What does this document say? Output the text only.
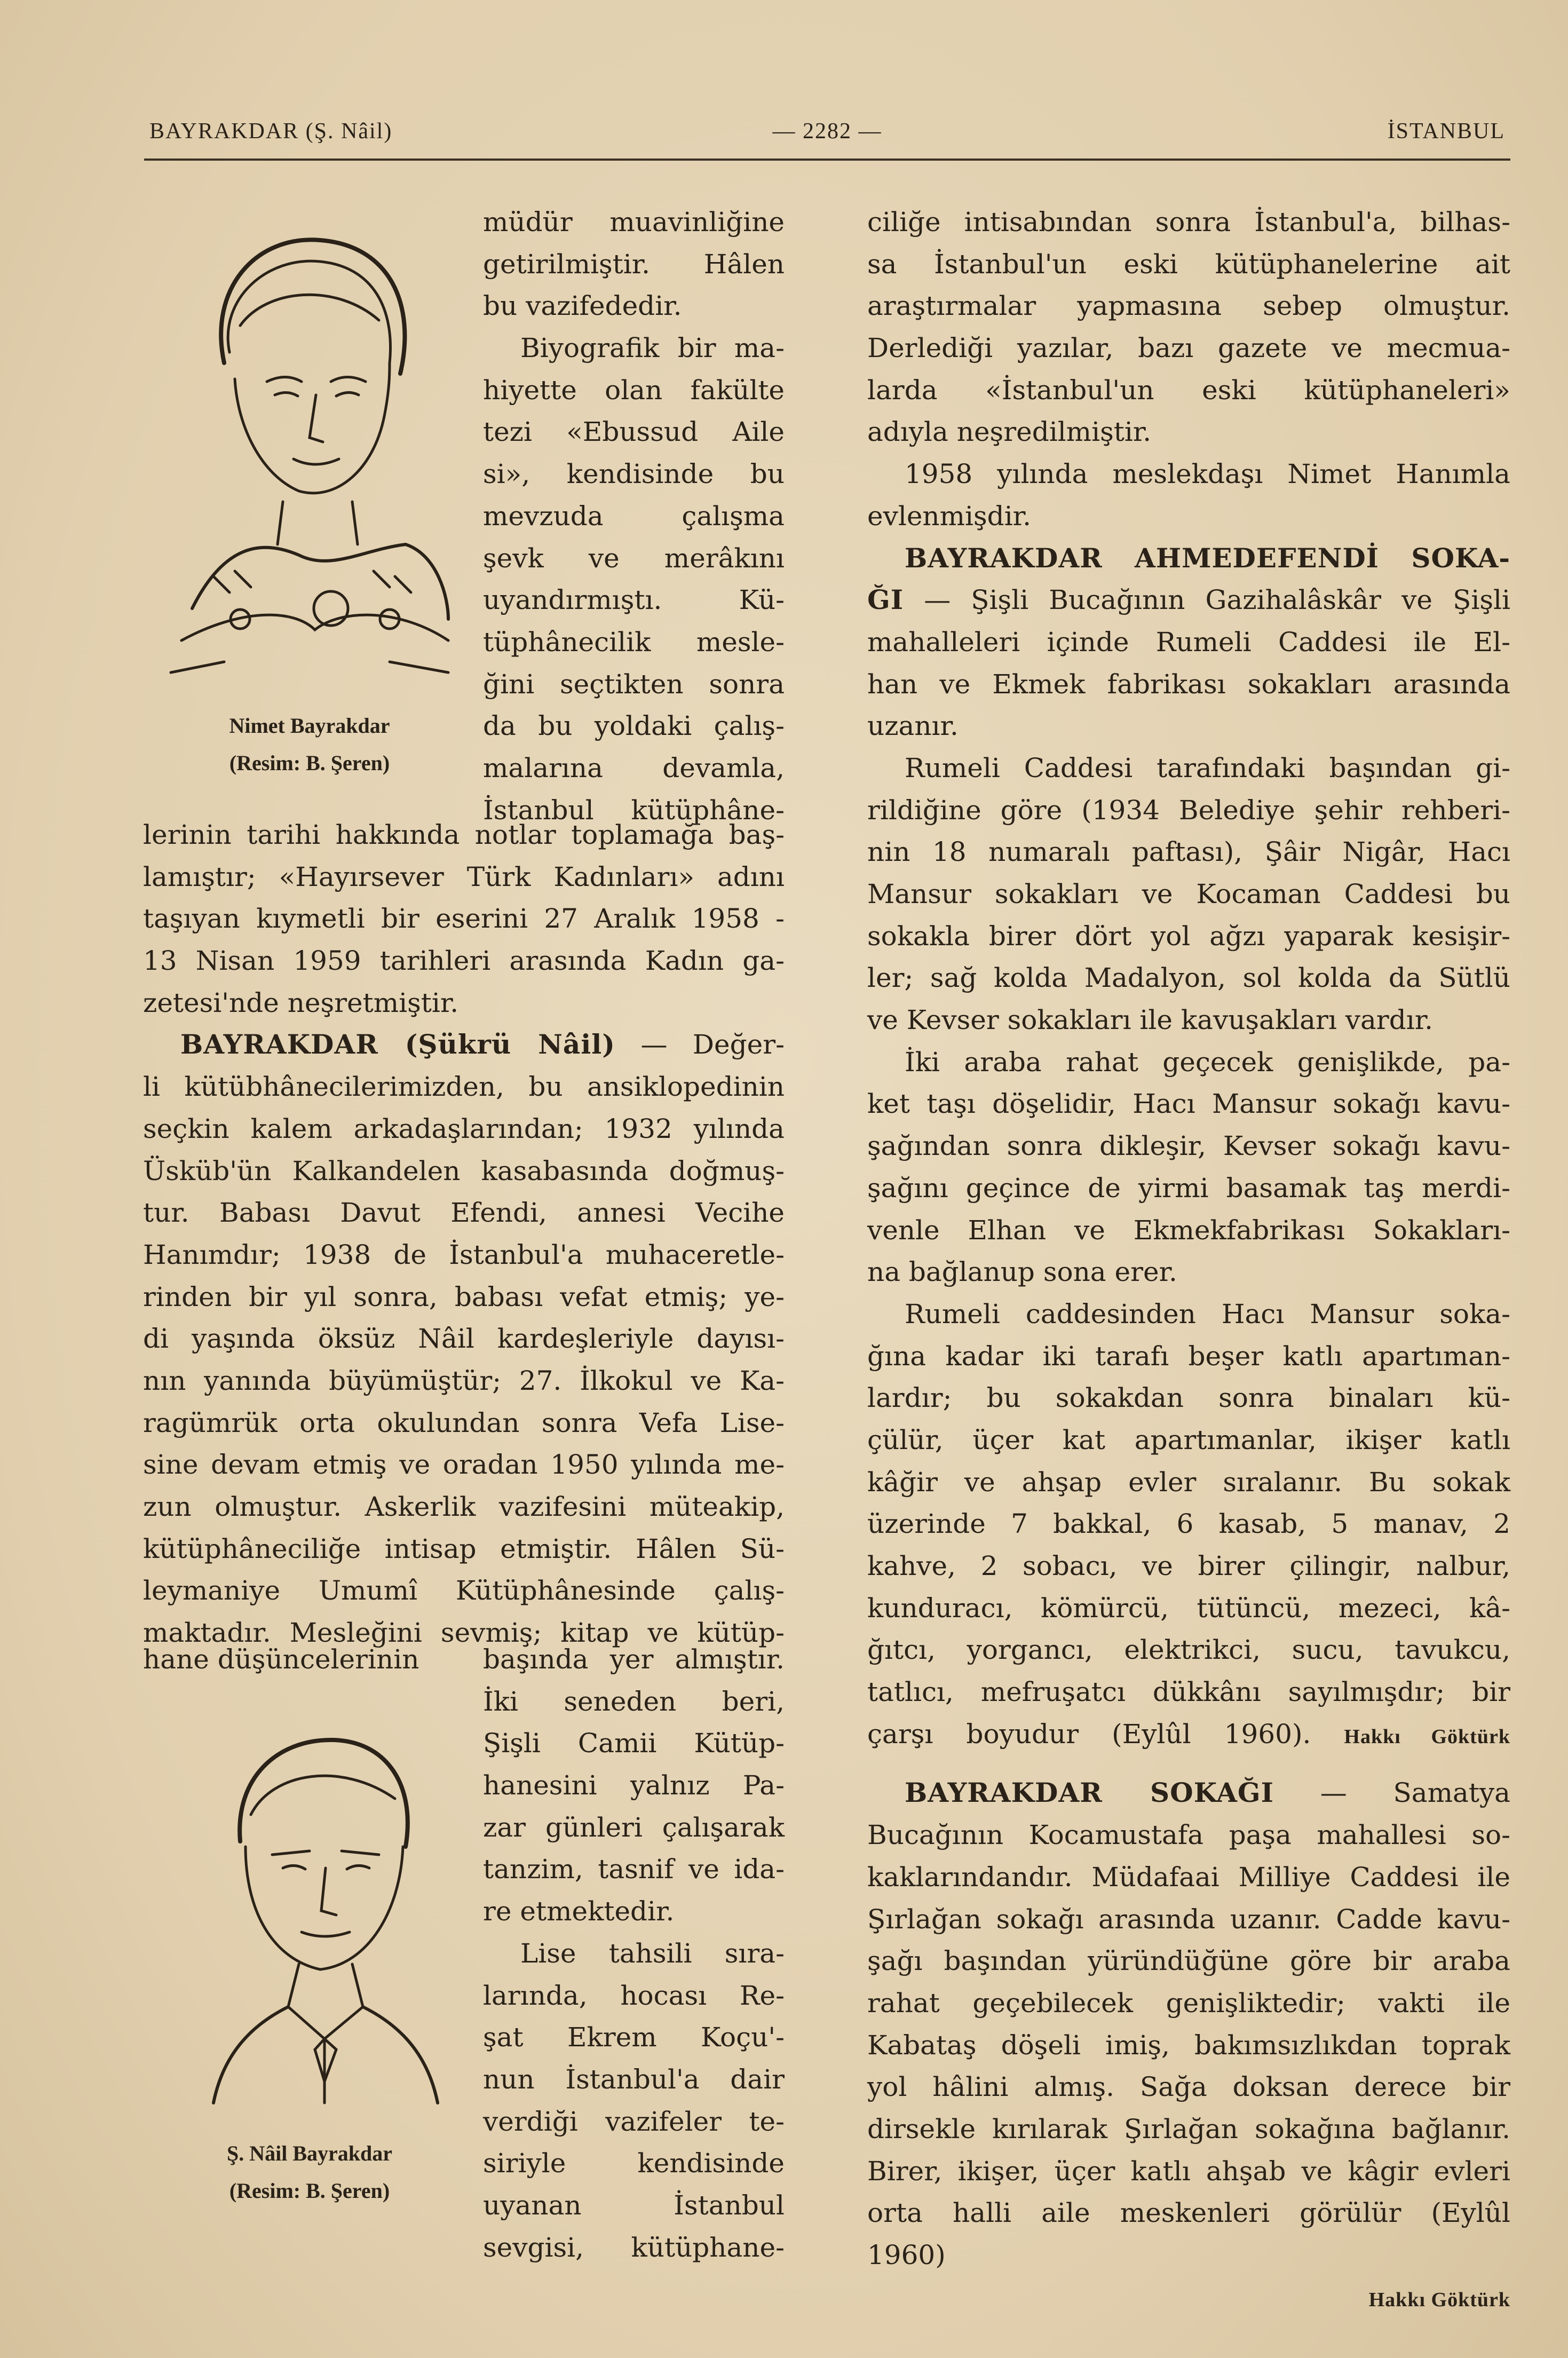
BAYRAKDAR (Ş. Nâil)	— 2282 —	İSTANBUL
Nimet Bayrakdar
(Resim: B. Şeren)
Ş. Nâil Bayrakdar
(Resim: B. Şeren)
müdür muavinliğine
getirilmiştir. Hâlen
bu vazifededir.
Biyografik bir ma-
hiyette olan fakülte
tezi «Ebussud Aile
si», kendisinde bu
mevzuda çalışma
şevk ve merâkını
uyandırmıştı. Kü-
tüphânecilik mesle-
ğini seçtikten sonra
da bu yoldaki çalış-
malarına devamla,
İstanbul kütüphâne-
lerinin tarihi hakkında notlar toplamağa baş-
lamıştır; «Hayırsever Türk Kadınları» adını
taşıyan kıymetli bir eserini 27 Aralık 1958 -
13 Nisan 1959 tarihleri arasında Kadın ga-
zetesi'nde neşretmiştir.
BAYRAKDAR (Şükrü Nâil) — Değer-
li kütübhânecilerimizden, bu ansiklopedinin
seçkin kalem arkadaşlarından; 1932 yılında
Üsküb'ün Kalkandelen kasabasında doğmuş-
tur. Babası Davut Efendi, annesi Vecihe
Hanımdır; 1938 de İstanbul'a muhaceretle-
rinden bir yıl sonra, babası vefat etmiş; ye-
di yaşında öksüz Nâil kardeşleriyle dayısı-
nın yanında büyümüştür; 27. İlkokul ve Ka-
ragümrük orta okulundan sonra Vefa Lise-
sine devam etmiş ve oradan 1950 yılında me-
zun olmuştur. Askerlik vazifesini müteakip,
kütüphâneciliğe intisap etmiştir. Hâlen Sü-
leymaniye Umumî Kütüphânesinde çalış-
maktadır. Mesleğini sevmiş; kitap ve kütüp-
hane düşüncelerinin	başında yer almıştır.
İki seneden beri,
Şişli Camii Kütüp-
hanesini yalnız Pa-
zar günleri çalışarak
tanzim, tasnif ve ida-
re etmektedir.
Lise tahsili sıra-
larında, hocası Re-
şat Ekrem Koçu'-
nun İstanbul'a dair
verdiği vazifeler te-
siriyle kendisinde
uyanan İstanbul
sevgisi, kütüphane-
ciliğe intisabından sonra İstanbul'a, bilhas-
sa İstanbul'un eski kütüphanelerine ait
araştırmalar yapmasına sebep olmuştur.
Derlediği yazılar, bazı gazete ve mecmua-
larda «İstanbul'un eski kütüphaneleri»
adıyla neşredilmiştir.
1958 yılında meslekdaşı Nimet Hanımla
evlenmişdir.
BAYRAKDAR AHMEDEFENDİ SOKA-
ĞI — Şişli Bucağının Gazihalâskâr ve Şişli
mahalleleri içinde Rumeli Caddesi ile El-
han ve Ekmek fabrikası sokakları arasında
uzanır.
Rumeli Caddesi tarafındaki başından gi-
rildiğine göre (1934 Belediye şehir rehberi-
nin 18 numaralı paftası), Şâir Nigâr, Hacı
Mansur sokakları ve Kocaman Caddesi bu
sokakla birer dört yol ağzı yaparak kesişir-
ler; sağ kolda Madalyon, sol kolda da Sütlü
ve Kevser sokakları ile kavuşakları vardır.
İki araba rahat geçecek genişlikde, pa-
ket taşı döşelidir, Hacı Mansur sokağı kavu-
şağından sonra dikleşir, Kevser sokağı kavu-
şağını geçince de yirmi basamak taş merdi-
venle Elhan ve Ekmekfabrikası Sokakları-
na bağlanup sona erer.
Rumeli caddesinden Hacı Mansur soka-
ğına kadar iki tarafı beşer katlı apartıman-
lardır; bu sokakdan sonra binaları kü-
çülür, üçer kat apartımanlar, ikişer katlı
kâğir ve ahşap evler sıralanır. Bu sokak
üzerinde 7 bakkal, 6 kasab, 5 manav, 2
kahve, 2 sobacı, ve birer çilingir, nalbur,
kunduracı, kömürcü, tütüncü, mezeci, kâ-
ğıtcı, yorgancı, elektrikci, sucu, tavukcu,
tatlıcı, mefruşatcı dükkânı sayılmışdır; bir
çarşı boyudur (Eylûl 1960). Hakkı Göktürk
BAYRAKDAR SOKAĞI — Samatya
Bucağının Kocamustafa paşa mahallesi so-
kaklarındandır. Müdafaai Milliye Caddesi ile
Şırlağan sokağı arasında uzanır. Cadde kavu-
şağı başından yüründüğüne göre bir araba
rahat geçebilecek genişliktedir; vakti ile
Kabataş döşeli imiş, bakımsızlıkdan toprak
yol hâlini almış. Sağa doksan derece bir
dirsekle kırılarak Şırlağan sokağına bağlanır.
Birer, ikişer, üçer katlı ahşab ve kâgir evleri
orta halli aile meskenleri görülür (Eylûl
1960)
Hakkı Göktürk
